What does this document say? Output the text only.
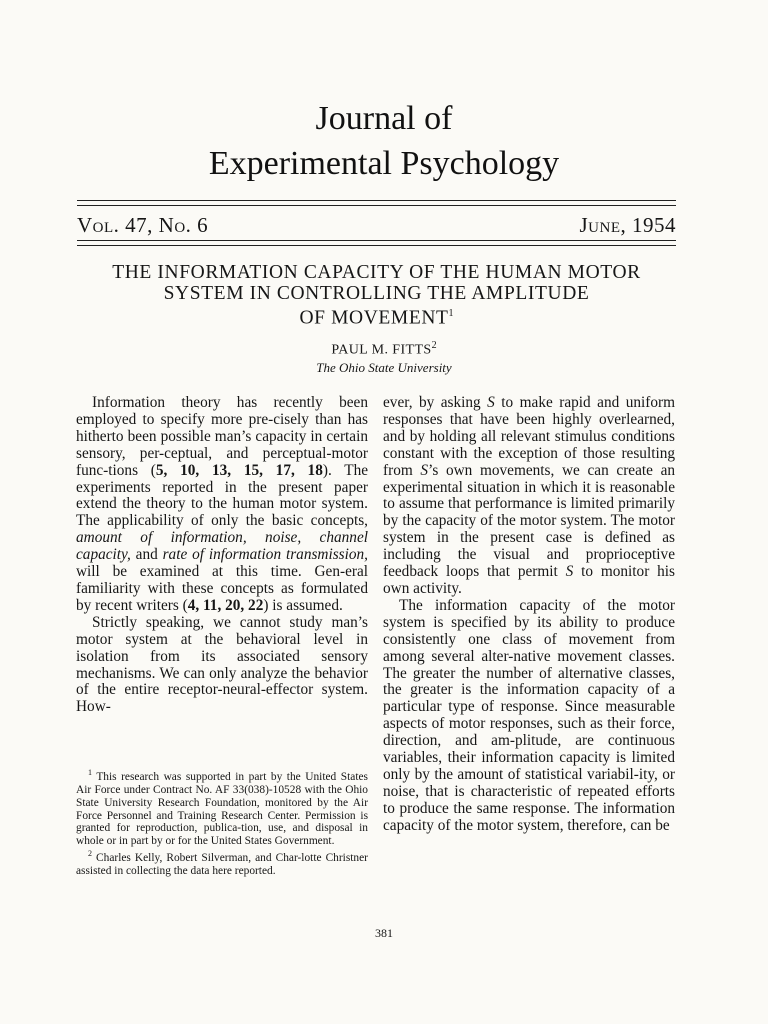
Journal of
Experimental Psychology
Vol. 47, No. 6	June, 1954
THE INFORMATION CAPACITY OF THE HUMAN MOTOR
SYSTEM IN CONTROLLING THE AMPLITUDE
OF MOVEMENT$^1$
PAUL M. FITTS$^2$
The Ohio State University

Information theory has recently been employed to specify more pre-cisely than has hitherto been possible man’s capacity in certain sensory, per-ceptual, and perceptual-motor func-tions (5, 10, 13, 15, 17, 18). The experiments reported in the present paper extend the theory to the human motor system. The applicability of only the basic concepts, amount of information, noise, channel capacity, and rate of information transmission, will be examined at this time. Gen-eral familiarity with these concepts as formulated by recent writers (4, 11, 20, 22) is assumed.

Strictly speaking, we cannot study man’s motor system at the behavioral level in isolation from its associated sensory mechanisms. We can only analyze the behavior of the entire receptor-neural-effector system. How-

$^1$ This research was supported in part by the United States Air Force under Contract No. AF 33(038)-10528 with the Ohio State University Research Foundation, monitored by the Air Force Personnel and Training Research Center. Permission is granted for reproduction, publica-tion, use, and disposal in whole or in part by or for the United States Government.

$^2$ Charles Kelly, Robert Silverman, and Char-lotte Christner assisted in collecting the data here reported.

ever, by asking S to make rapid and uniform responses that have been highly overlearned, and by holding all relevant stimulus conditions constant with the exception of those resulting from S’s own movements, we can create an experimental situation in which it is reasonable to assume that performance is limited primarily by the capacity of the motor system. The motor system in the present case is defined as including the visual and proprioceptive feedback loops that permit S to monitor his own activity.

The information capacity of the motor system is specified by its ability to produce consistently one class of movement from among several alter-native movement classes. The greater the number of alternative classes, the greater is the information capacity of a particular type of response. Since measurable aspects of motor responses, such as their force, direction, and am-plitude, are continuous variables, their information capacity is limited only by the amount of statistical variabil-ity, or noise, that is characteristic of repeated efforts to produce the same response. The information capacity of the motor system, therefore, can be

381
